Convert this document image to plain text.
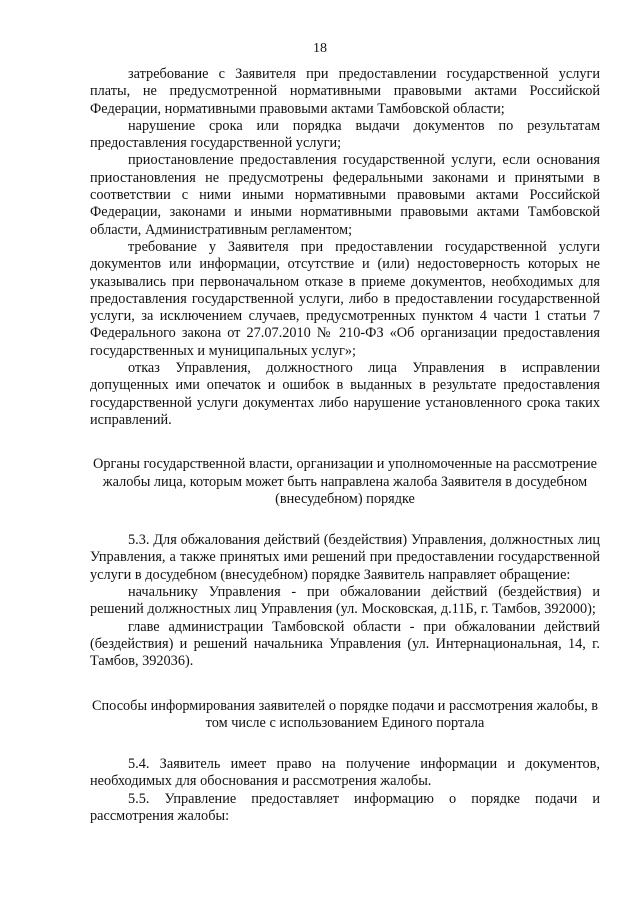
18

затребование с Заявителя при предоставлении государственной услуги платы, не предусмотренной нормативными правовыми актами Российской Федерации, нормативными правовыми актами Тамбовской области;

нарушение срока или порядка выдачи документов по результатам предоставления государственной услуги;

приостановление предоставления государственной услуги, если основания приостановления не предусмотрены федеральными законами и принятыми в соответствии с ними иными нормативными правовыми актами Российской Федерации, законами и иными нормативными правовыми актами Тамбовской области, Административным регламентом;

требование у Заявителя при предоставлении государственной услуги документов или информации, отсутствие и (или) недостоверность которых не указывались при первоначальном отказе в приеме документов, необходимых для предоставления государственной услуги, либо в предоставлении государственной услуги, за исключением случаев, предусмотренных пунктом 4 части 1 статьи 7 Федерального закона от 27.07.2010 № 210-ФЗ «Об организации предоставления государственных и муниципальных услуг»;

отказ Управления, должностного лица Управления в исправлении допущенных ими опечаток и ошибок в выданных в результате предоставления государственной услуги документах либо нарушение установленного срока таких исправлений.

Органы государственной власти, организации и уполномоченные на рассмотрение жалобы лица, которым может быть направлена жалоба Заявителя в досудебном (внесудебном) порядке

5.3. Для обжалования действий (бездействия) Управления, должностных лиц Управления, а также принятых ими решений при предоставлении государственной услуги в досудебном (внесудебном) порядке Заявитель направляет обращение:

начальнику Управления - при обжаловании действий (бездействия) и решений должностных лиц Управления (ул. Московская, д.11Б, г. Тамбов, 392000);

главе администрации Тамбовской области - при обжаловании действий (бездействия) и решений начальника Управления (ул. Интернациональная, 14, г. Тамбов, 392036).

Способы информирования заявителей о порядке подачи и рассмотрения жалобы, в том числе с использованием Единого портала

5.4. Заявитель имеет право на получение информации и документов, необходимых для обоснования и рассмотрения жалобы.

5.5. Управление предоставляет информацию о порядке подачи и рассмотрения жалобы:
